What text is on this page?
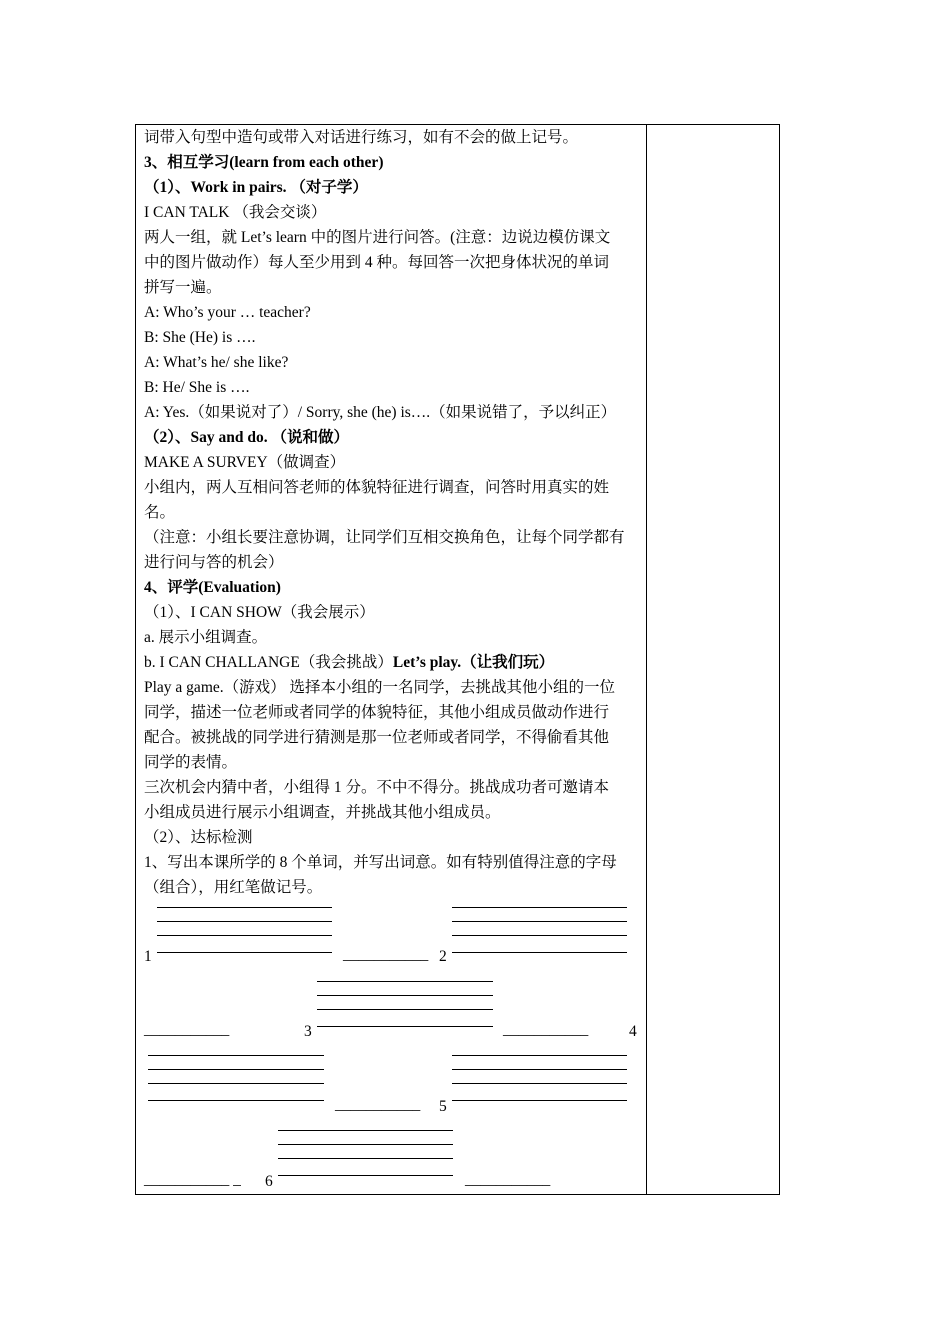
词带入句型中造句或带入对话进行练习，如有不会的做上记号。
3、相互学习(learn from each other)
（1）、Work in pairs. （对子学）
I CAN TALK （我会交谈）
两人一组，就 Let’s learn 中的图片进行问答。(注意：边说边模仿课文
中的图片做动作）每人至少用到 4 种。每回答一次把身体状况的单词
拼写一遍。
A: Who’s your … teacher?
B: She (He) is ….
A: What’s he/ she like?
B: He/ She is ….
A: Yes.（如果说对了）/ Sorry, she (he) is….（如果说错了，予以纠正）
（2）、Say and do. （说和做）
MAKE A SURVEY（做调查）
小组内，两人互相问答老师的体貌特征进行调查，问答时用真实的姓
名。
（注意：小组长要注意协调，让同学们互相交换角色，让每个同学都有
进行问与答的机会）
4、评学(Evaluation)
（1）、I CAN SHOW（我会展示）
a. 展示小组调查。
b. I CAN CHALLANGE（我会挑战）Let’s play.（让我们玩）
Play a game.（游戏） 选择本小组的一名同学，去挑战其他小组的一位
同学，描述一位老师或者同学的体貌特征，其他小组成员做动作进行
配合。被挑战的同学进行猜测是那一位老师或者同学，不得偷看其他
同学的表情。
三次机会内猜中者，小组得 1 分。不中不得分。挑战成功者可邀请本
小组成员进行展示小组调查，并挑战其他小组成员。
（2）、达标检测
1、写出本课所学的 8 个单词，并写出词意。如有特别值得注意的字母
（组合），用红笔做记号。
1	___________ 2
___________	3	___________	4
___________ 5
___________ _ 6	___________
